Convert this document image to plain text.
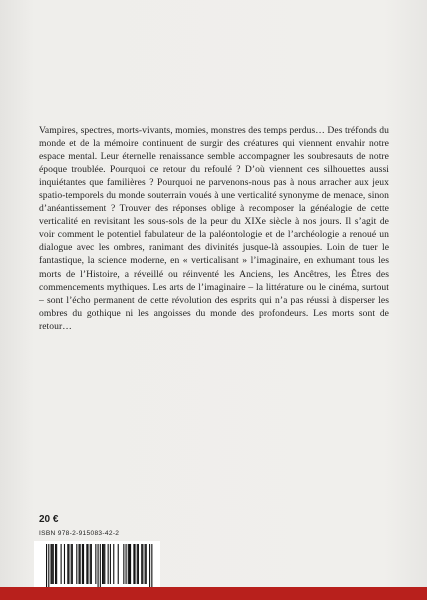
Vampires, spectres, morts-vivants, momies, monstres des temps perdus… Des tréfonds du monde et de la mémoire continuent de surgir des créatures qui viennent envahir notre espace mental. Leur éternelle renaissance semble accompagner les soubresauts de notre époque troublée. Pourquoi ce retour du refoulé ? D’où viennent ces silhouettes aussi inquiétantes que familières ? Pourquoi ne parvenons-nous pas à nous arracher aux jeux spatio-temporels du monde souterrain voués à une verticalité synonyme de menace, sinon d’anéantissement ? Trouver des réponses oblige à recomposer la généalogie de cette verticalité en revisitant les sous-sols de la peur du XIXe siècle à nos jours. Il s’agit de voir comment le potentiel fabulateur de la paléontologie et de l’archéologie a renoué un dialogue avec les ombres, ranimant des divinités jusque-là assoupies. Loin de tuer le fantastique, la science moderne, en « verticalisant » l’imaginaire, en exhumant tous les morts de l’Histoire, a réveillé ou réinventé les Anciens, les Ancêtres, les Êtres des commencements mythiques. Les arts de l’imaginaire – la littérature ou le cinéma, surtout – sont l’écho permanent de cette révolution des esprits qui n’a pas réussi à disperser les ombres du gothique ni les angoisses du monde des profondeurs. Les morts sont de retour…

20 €
ISBN 978-2-915083-42-2
